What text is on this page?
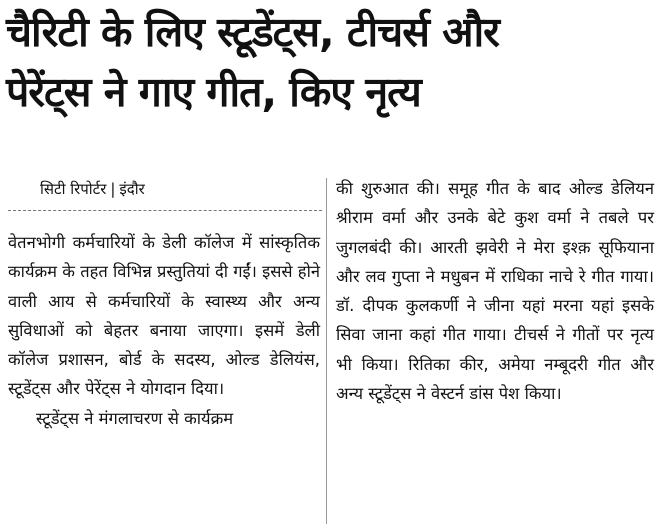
चैरिटी के लिए स्टूडेंट्स, टीचर्स और
पेरेंट्स ने गाए गीत, किए नृत्य
सिटी रिपोर्टर | इंदौर
वेतनभोगी कर्मचारियों के डेली कॉलेज में सांस्कृतिक कार्यक्रम के तहत विभिन्न प्रस्तुतियां दी गईं। इससे होने वाली आय से कर्मचारियों के स्वास्थ्य और अन्य सुविधाओं को बेहतर बनाया जाएगा। इसमें डेली कॉलेज प्रशासन, बोर्ड के सदस्य, ओल्ड डेलियंस, स्टूडेंट्स और पेरेंट्स ने योगदान दिया।
स्टूडेंट्स ने मंगलाचरण से कार्यक्रम
की शुरुआत की। समूह गीत के बाद ओल्ड डेलियन श्रीराम वर्मा और उनके बेटे कुश वर्मा ने तबले पर जुगलबंदी की। आरती झवेरी ने मेरा इश्क़ सूफियाना और लव गुप्ता ने मधुबन में राधिका नाचे रे गीत गाया। डॉ. दीपक कुलकर्णी ने जीना यहां मरना यहां इसके सिवा जाना कहां गीत गाया। टीचर्स ने गीतों पर नृत्य भी किया। रितिका कीर, अमेया नम्बूदरी गीत और अन्य स्टूडेंट्स ने वेस्टर्न डांस पेश किया।
